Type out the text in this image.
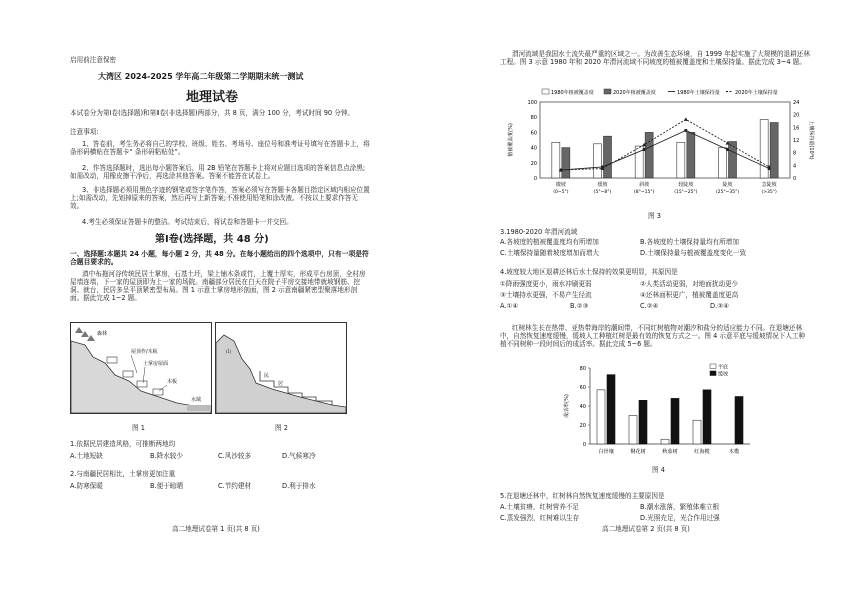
启用前注意保密
大湾区 2024-2025 学年高二年级第二学期期末统一测试
地理试卷
本试卷分为第Ⅰ卷(选择题)和第Ⅱ卷(非选择题)两部分，共 8 页，满分 100 分，考试时间 90 分钟。
注意事项:
1、答卷前，考生务必将自己的学校、班级、姓名、考场号、座位号和准考证号填写在答题卡上，将条形码横贴在答题卡“ 条形码粘贴处”。
2、作答选择题时，选出每小题答案后，用 2B 铅笔在答题卡上将对应题目选项的答案信息点涂黑;如需改动，用橡皮擦干净后，再选涂其他答案。答案不能答在试卷上。
3、非选择题必须用黑色字迹的钢笔或签字笔作答，答案必须写在答题卡各题目指定区域内相应位置上;如需改动，先划掉原来的答案，然后再写上新答案;不准使用铅笔和涂改液。不按以上要求作答无效。
4.考生必须保证答题卡的整洁。考试结束后，将试卷和答题卡一并交回。
第Ⅰ卷(选择题，共 48 分)
一、选择题:本题共 24 小题，每小题 2 分，共 48 分。在每小题给出的四个选项中，只有一项是符合题目要求的。
滇中布拖河谷传统民居土掌房，石基土坯，梁上铺木条或竹，上覆土厚实，形成平台房顶，全村房屋墙连墙，下一家的屋顶即为上一家的场院。南疆部分居民在白天在院子平房交接地带就坡钢筋、挖洞、就台，民居多呈平顶紧密型布局。图 1 示意土掌房地形剖面，图 2 示意南疆紧密型聚落地形剖面。据此完成 1~2 题。
森林
屋顶作/木板
土掌房屋面
木板
水域
图 1
山
民
居
图 2
1.依据民居建造风格，可推断两地均
A.土地短缺	B.降水较少	C.风沙较多	D.气候寒冷
2.与南疆民居相比，土掌房更加注重
A.防寒保暖	B.便于晾晒	C.节约建材	D.利于排水
高二地理试卷第 1 页(共 8 页)
渭河流域是我国水土流失最严重的区域之一。为改善生态环境，自 1999 年起实施了大规模的退耕还林工程。图 3 示意 1980 年和 2020 年渭河流域不同坡度的植被覆盖度和土壤保持量。据此完成 3~4 题。
0
20
40
60
80
100
0
4
8
12
16
20
24
植被覆盖度(%)	土壤保持量(10⁴t)
微坡
(0~5°)
缓坡
(5°~8°)
斜坡
(8°~15°)
较陡坡
(15°~25°)
陡坡
(25°~35°)
急陡坡
(>35°)
1980年植被覆盖度	2020年植被覆盖度	1980年土壤保持量	2020年土壤保持量
图 3
3.1980-2020 年渭河流域
A.各坡度的植被覆盖度均有所增加	B.各坡度的土壤保持量均有所增加
C.土壤保持量随着坡度增加而增大	D.土壤保持量与植被覆盖度变化一致
4.坡度较大地区退耕还林后水土保持的效果更明显，其原因是
①降雨强度更小，雨水冲刷更弱	②人类活动更弱，对地面扰动更少
③土壤持水更强，不易产生径流	④还林面积更广，植被覆盖度更高
A.①④	B.②③	C.②④	D.③④
红树林生长在热带、亚热带海岸的潮间带，不同红树植物对潮汐和盐分的适应能力不同。在退塘还林中，自然恢复速度缓慢，缓坡人工种植红树是最有效的恢复方式之一。图 4 示意平底与缓坡情况下人工种植不同树种一段时间后的成活率。据此完成 5~6 题。
0
20
40
60
80
成活率(%)
白骨壤	桐花树	秋茄树	红海榄	木榄
平底
缓坡
图 4
5.在退塘还林中，红树林自然恢复速度缓慢的主要原因是
A.土壤贫瘠，红树营养不足	B.潮水涨落，繁殖体难立根
C.蒸发强烈，红树难以生存	D.光照充足，光合作用过强
高二地理试卷第 2 页(共 8 页)
